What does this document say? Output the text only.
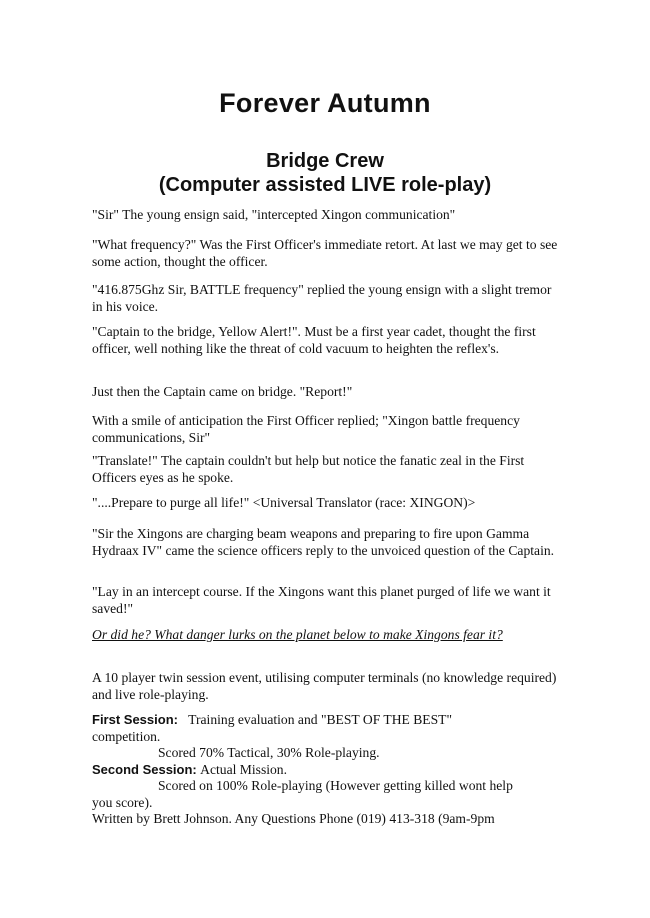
Forever Autumn
Bridge Crew
(Computer assisted LIVE role-play)

"Sir" The young ensign said, "intercepted Xingon communication"

"What frequency?" Was the First Officer's immediate retort. At last we may get to see some action, thought the officer.

"416.875Ghz Sir, BATTLE frequency" replied the young ensign with a slight tremor in his voice.

"Captain to the bridge, Yellow Alert!". Must be a first year cadet, thought the first officer, well nothing like the threat of cold vacuum to heighten the reflex's.

Just then the Captain came on bridge. "Report!"

With a smile of anticipation the First Officer replied; "Xingon battle frequency communications, Sir"

"Translate!" The captain couldn't but help but notice the fanatic zeal in the First Officers eyes as he spoke.

"....Prepare to purge all life!" <Universal Translator (race: XINGON)>

"Sir the Xingons are charging beam weapons and preparing to fire upon Gamma Hydraax IV" came the science officers reply to the unvoiced question of the Captain.

"Lay in an intercept course. If the Xingons want this planet purged of life we want it saved!"

Or did he? What danger lurks on the planet below to make Xingons fear it?

A 10 player twin session event, utilising computer terminals (no knowledge required) and live role-playing.

First Session: Training evaluation and "BEST OF THE BEST"
competition.
Scored 70% Tactical, 30% Role-playing.
Second Session: Actual Mission.
Scored on 100% Role-playing (However getting killed wont help
you score).

Written by Brett Johnson. Any Questions Phone (019) 413-318 (9am-9pm
